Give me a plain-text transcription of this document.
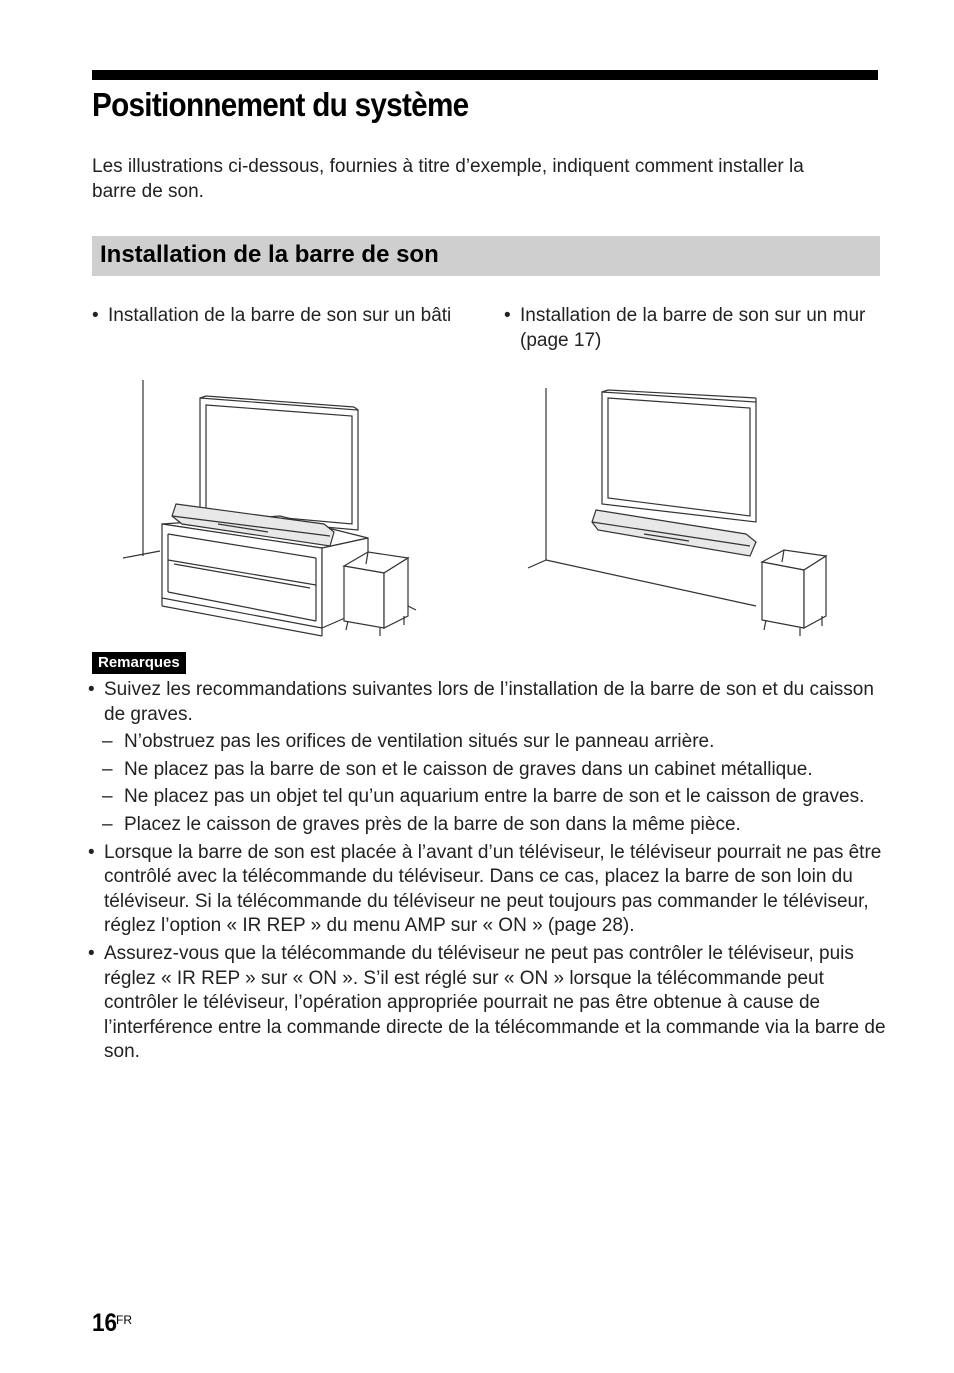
Positionnement du système

Les illustrations ci-dessous, fournies à titre d’exemple, indiquent comment installer la barre de son.

Installation de la barre de son
• Installation de la barre de son sur un bâti	• Installation de la barre de son sur un mur (page 17)
Remarques
• Suivez les recommandations suivantes lors de l’installation de la barre de son et du caisson de graves.
– N’obstruez pas les orifices de ventilation situés sur le panneau arrière.
– Ne placez pas la barre de son et le caisson de graves dans un cabinet métallique.
– Ne placez pas un objet tel qu’un aquarium entre la barre de son et le caisson de graves.
– Placez le caisson de graves près de la barre de son dans la même pièce.
• Lorsque la barre de son est placée à l’avant d’un téléviseur, le téléviseur pourrait ne pas être contrôlé avec la télécommande du téléviseur. Dans ce cas, placez la barre de son loin du téléviseur. Si la télécommande du téléviseur ne peut toujours pas commander le téléviseur, réglez l’option « IR REP » du menu AMP sur « ON » (page 28).
• Assurez-vous que la télécommande du téléviseur ne peut pas contrôler le téléviseur, puis réglez « IR REP » sur « ON ». S’il est réglé sur « ON » lorsque la télécommande peut contrôler le téléviseur, l’opération appropriée pourrait ne pas être obtenue à cause de l’interférence entre la commande directe de la télécommande et la commande via la barre de son.
16
FR
